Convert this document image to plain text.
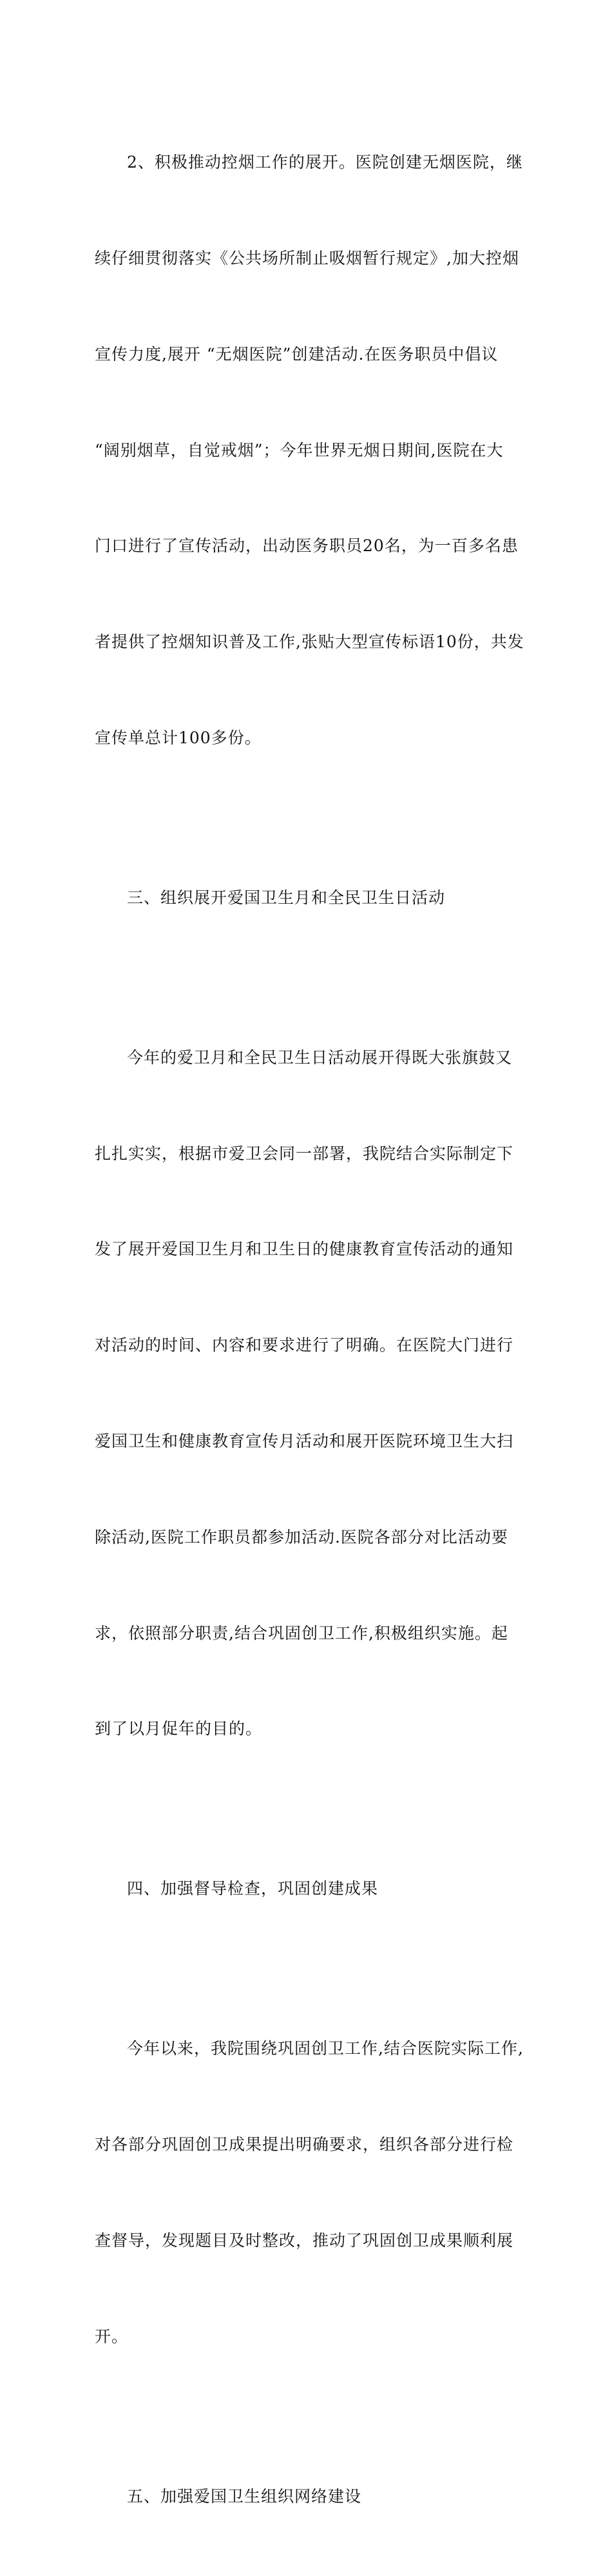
2、积极推动控烟工作的展开。医院创建无烟医院，继

续仔细贯彻落实《公共场所制止吸烟暂行规定》,加大控烟

宣传力度,展开 “无烟医院”创建活动.在医务职员中倡议

“阔别烟草，自觉戒烟”；今年世界无烟日期间,医院在大

门口进行了宣传活动，出动医务职员20名，为一百多名患

者提供了控烟知识普及工作,张贴大型宣传标语10份，共发

宣传单总计100多份。

三、组织展开爱国卫生月和全民卫生日活动

今年的爱卫月和全民卫生日活动展开得既大张旗鼓又

扎扎实实，根据市爱卫会同一部署，我院结合实际制定下

发了展开爱国卫生月和卫生日的健康教育宣传活动的通知

对活动的时间、内容和要求进行了明确。在医院大门进行

爱国卫生和健康教育宣传月活动和展开医院环境卫生大扫

除活动,医院工作职员都参加活动.医院各部分对比活动要

求，依照部分职责,结合巩固创卫工作,积极组织实施。起

到了以月促年的目的。

四、加强督导检查，巩固创建成果

今年以来，我院围绕巩固创卫工作,结合医院实际工作,

对各部分巩固创卫成果提出明确要求，组织各部分进行检

查督导，发现题目及时整改，推动了巩固创卫成果顺利展

开。

五、加强爱国卫生组织网络建设
